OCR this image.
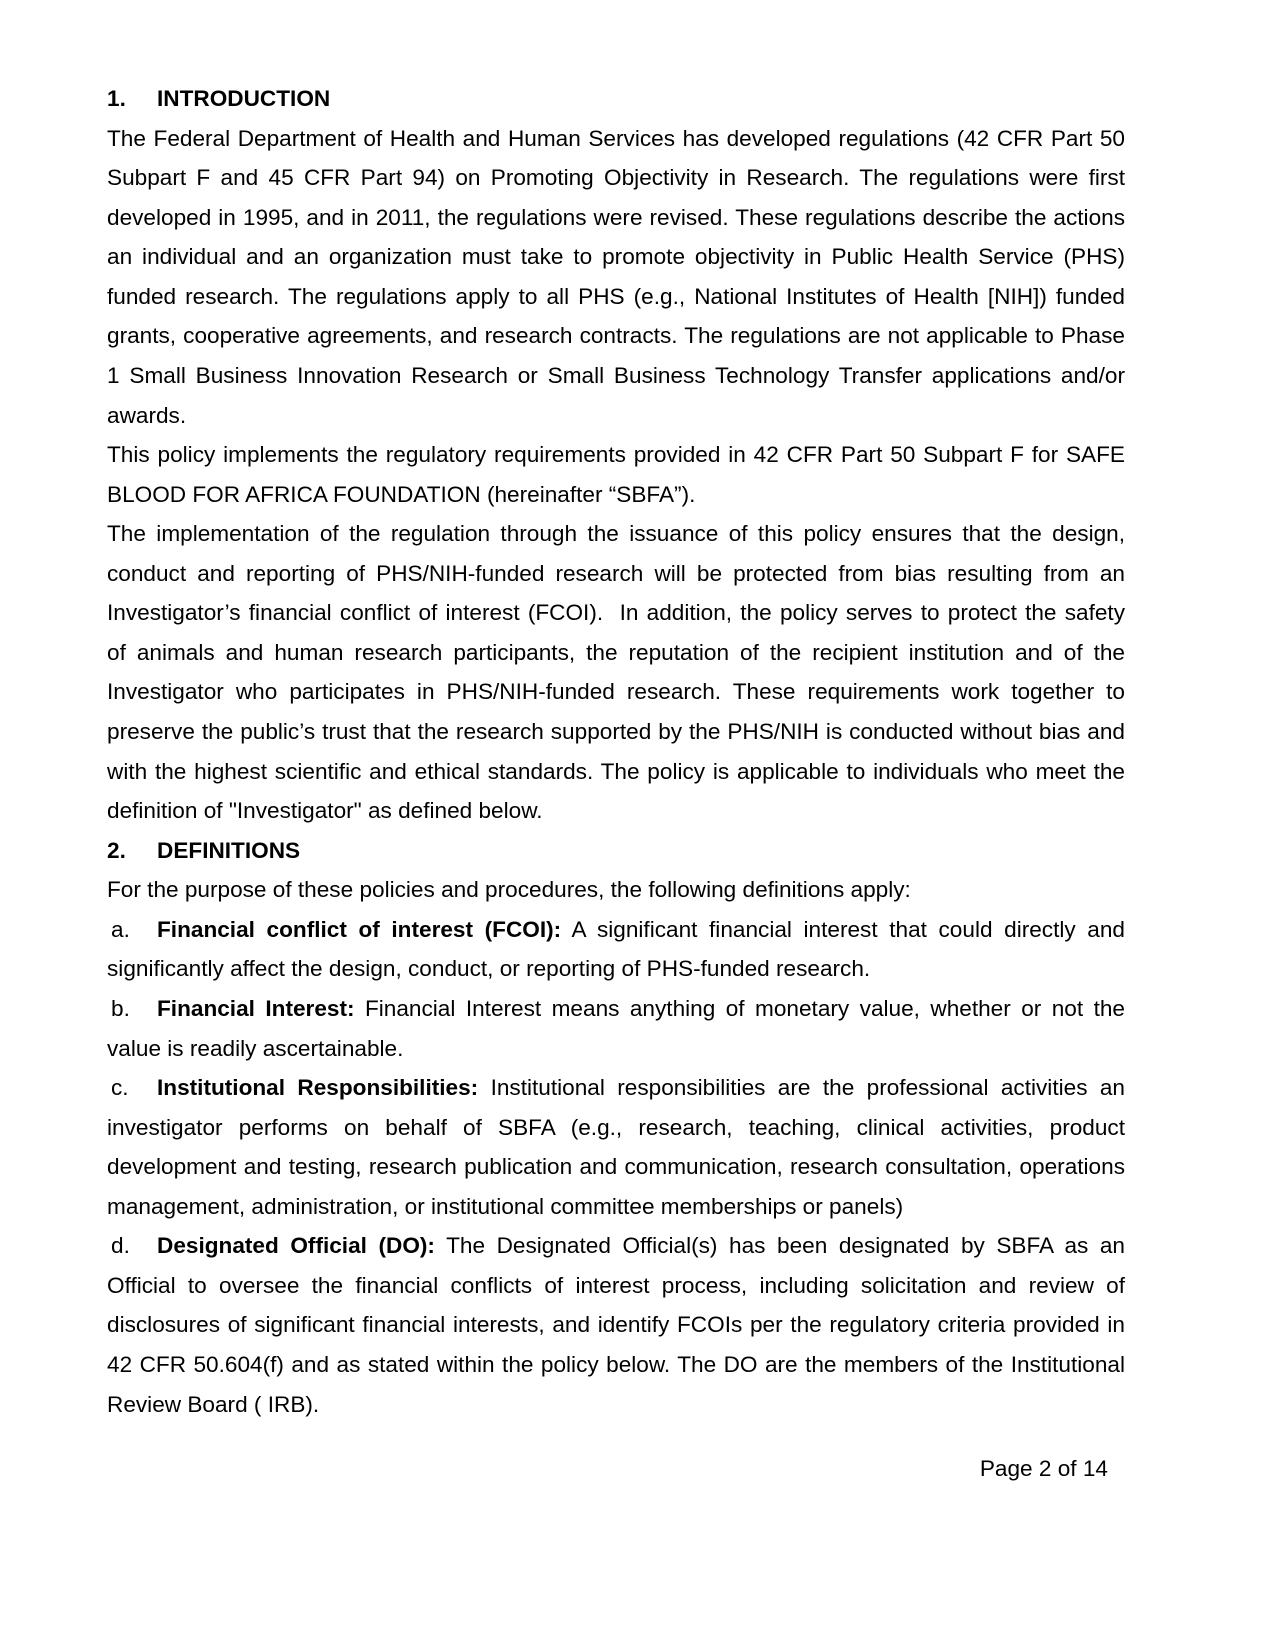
1. INTRODUCTION
The Federal Department of Health and Human Services has developed regulations (42 CFR Part 50
Subpart F and 45 CFR Part 94) on Promoting Objectivity in Research. The regulations were first
developed in 1995, and in 2011, the regulations were revised. These regulations describe the actions
an individual and an organization must take to promote objectivity in Public Health Service (PHS)
funded research. The regulations apply to all PHS (e.g., National Institutes of Health [NIH]) funded
grants, cooperative agreements, and research contracts. The regulations are not applicable to Phase
1 Small Business Innovation Research or Small Business Technology Transfer applications and/or
awards.
This policy implements the regulatory requirements provided in 42 CFR Part 50 Subpart F for SAFE
BLOOD FOR AFRICA FOUNDATION (hereinafter “SBFA”).
The implementation of the regulation through the issuance of this policy ensures that the design,
conduct and reporting of PHS/NIH-funded research will be protected from bias resulting from an
Investigator’s financial conflict of interest (FCOI).  In addition, the policy serves to protect the safety
of animals and human research participants, the reputation of the recipient institution and of the
Investigator who participates in PHS/NIH-funded research. These requirements work together to
preserve the public’s trust that the research supported by the PHS/NIH is conducted without bias and
with the highest scientific and ethical standards. The policy is applicable to individuals who meet the
definition of "Investigator" as defined below.
2. DEFINITIONS
For the purpose of these policies and procedures, the following definitions apply:
a. Financial conflict of interest (FCOI): A significant financial interest that could directly and
significantly affect the design, conduct, or reporting of PHS-funded research.
b. Financial Interest: Financial Interest means anything of monetary value, whether or not the
value is readily ascertainable.
c. Institutional Responsibilities: Institutional responsibilities are the professional activities an
investigator performs on behalf of SBFA (e.g., research, teaching, clinical activities, product
development and testing, research publication and communication, research consultation, operations
management, administration, or institutional committee memberships or panels)
d. Designated Official (DO): The Designated Official(s) has been designated by SBFA as an
Official to oversee the financial conflicts of interest process, including solicitation and review of
disclosures of significant financial interests, and identify FCOIs per the regulatory criteria provided in
42 CFR 50.604(f) and as stated within the policy below. The DO are the members of the Institutional
Review Board ( IRB).
Page 2 of 14
